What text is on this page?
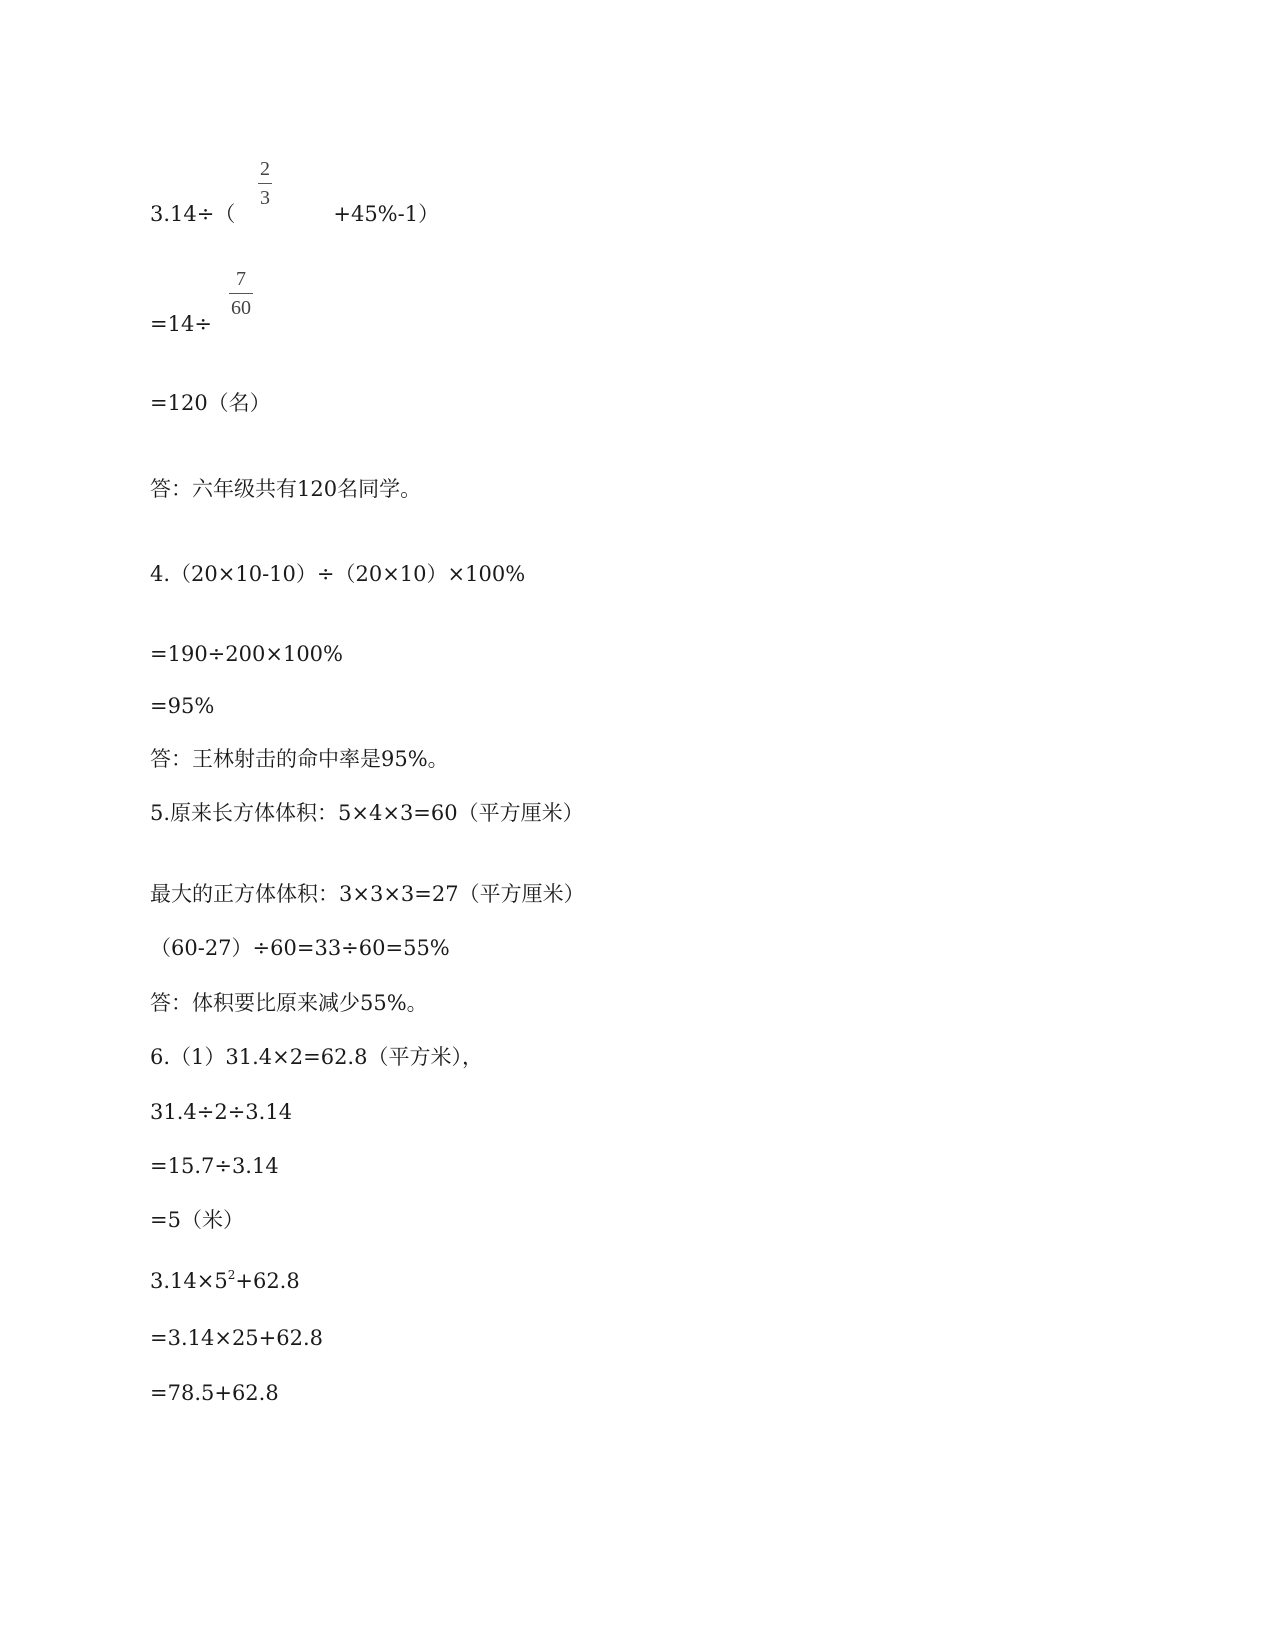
2
3
3.14÷（	+45%-1）
7
60
=14÷
=120（名）
答：六年级共有120名同学。
4.（20×10-10）÷（20×10）×100%
=190÷200×100%
=95%
答：王林射击的命中率是95%。
5.原来长方体体积：5×4×3=60（平方厘米）
最大的正方体体积：3×3×3=27（平方厘米）
（60-27）÷60=33÷60=55%
答：体积要比原来减少55%。
6.（1）31.4×2=62.8（平方米），
31.4÷2÷3.14
=15.7÷3.14
=5（米）
$3.14\times 5^2+62.8$
=3.14×25+62.8
=78.5+62.8
